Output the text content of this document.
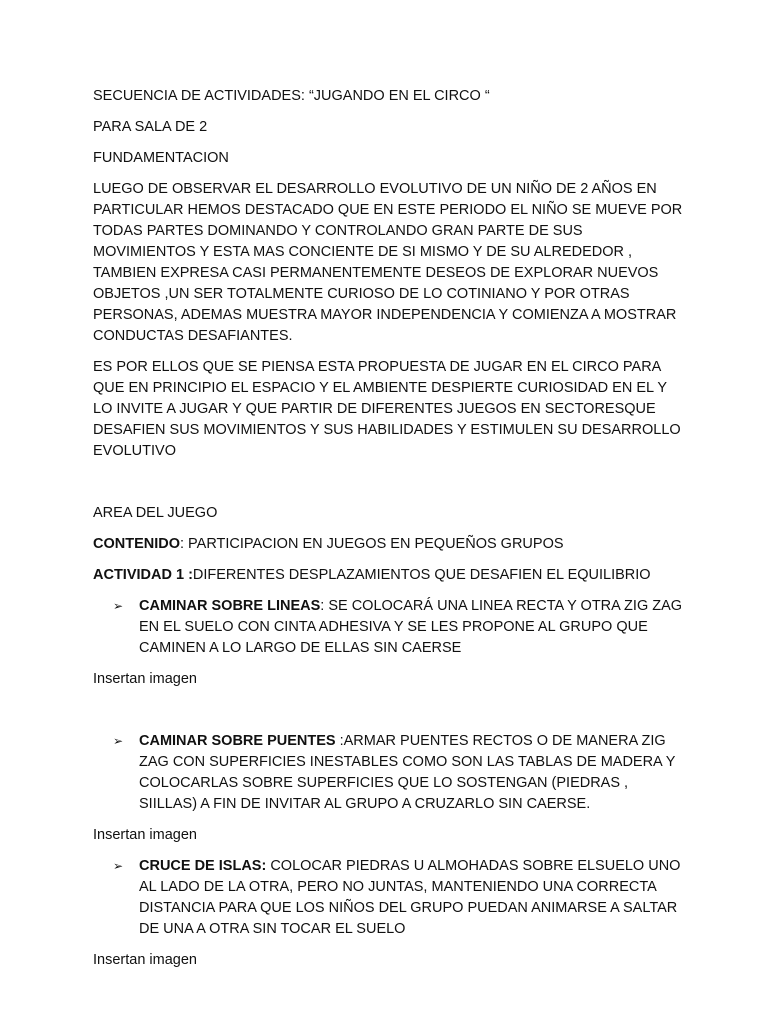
SECUENCIA DE ACTIVIDADES: “JUGANDO EN EL CIRCO “

PARA SALA DE 2

FUNDAMENTACION

LUEGO DE OBSERVAR EL DESARROLLO EVOLUTIVO DE UN NIÑO DE 2 AÑOS EN PARTICULAR HEMOS DESTACADO QUE EN ESTE PERIODO EL NIÑO SE MUEVE POR TODAS PARTES DOMINANDO Y CONTROLANDO GRAN PARTE DE SUS MOVIMIENTOS Y ESTA MAS CONCIENTE DE SI MISMO Y DE SU ALREDEDOR , TAMBIEN EXPRESA CASI PERMANENTEMENTE DESEOS DE EXPLORAR NUEVOS OBJETOS ,UN SER TOTALMENTE CURIOSO DE LO COTINIANO Y POR OTRAS PERSONAS, ADEMAS MUESTRA MAYOR INDEPENDENCIA Y COMIENZA A MOSTRAR CONDUCTAS DESAFIANTES.

ES POR ELLOS QUE SE PIENSA ESTA PROPUESTA DE JUGAR EN EL CIRCO PARA QUE EN PRINCIPIO EL ESPACIO Y EL AMBIENTE DESPIERTE CURIOSIDAD EN EL Y LO INVITE A JUGAR Y QUE PARTIR DE DIFERENTES JUEGOS EN SECTORESQUE DESAFIEN SUS MOVIMIENTOS Y SUS HABILIDADES Y ESTIMULEN SU DESARROLLO EVOLUTIVO

AREA DEL JUEGO

CONTENIDO: PARTICIPACION EN JUEGOS EN PEQUEÑOS GRUPOS

ACTIVIDAD 1 :DIFERENTES DESPLAZAMIENTOS QUE DESAFIEN EL EQUILIBRIO

➢ CAMINAR SOBRE LINEAS: SE COLOCARÁ UNA LINEA RECTA Y OTRA ZIG ZAG EN EL SUELO CON CINTA ADHESIVA Y SE LES PROPONE AL GRUPO QUE CAMINEN A LO LARGO DE ELLAS SIN CAERSE

Insertan imagen

➢ CAMINAR SOBRE PUENTES :ARMAR PUENTES RECTOS O DE MANERA ZIG ZAG CON SUPERFICIES INESTABLES COMO SON LAS TABLAS DE MADERA Y COLOCARLAS SOBRE SUPERFICIES QUE LO SOSTENGAN (PIEDRAS , SIILLAS) A FIN DE INVITAR AL GRUPO A CRUZARLO SIN CAERSE.

Insertan imagen

➢ CRUCE DE ISLAS: COLOCAR PIEDRAS U ALMOHADAS SOBRE ELSUELO UNO AL LADO DE LA OTRA, PERO NO JUNTAS, MANTENIENDO UNA CORRECTA DISTANCIA PARA QUE LOS NIÑOS DEL GRUPO PUEDAN ANIMARSE A SALTAR DE UNA A OTRA SIN TOCAR EL SUELO

Insertan imagen
